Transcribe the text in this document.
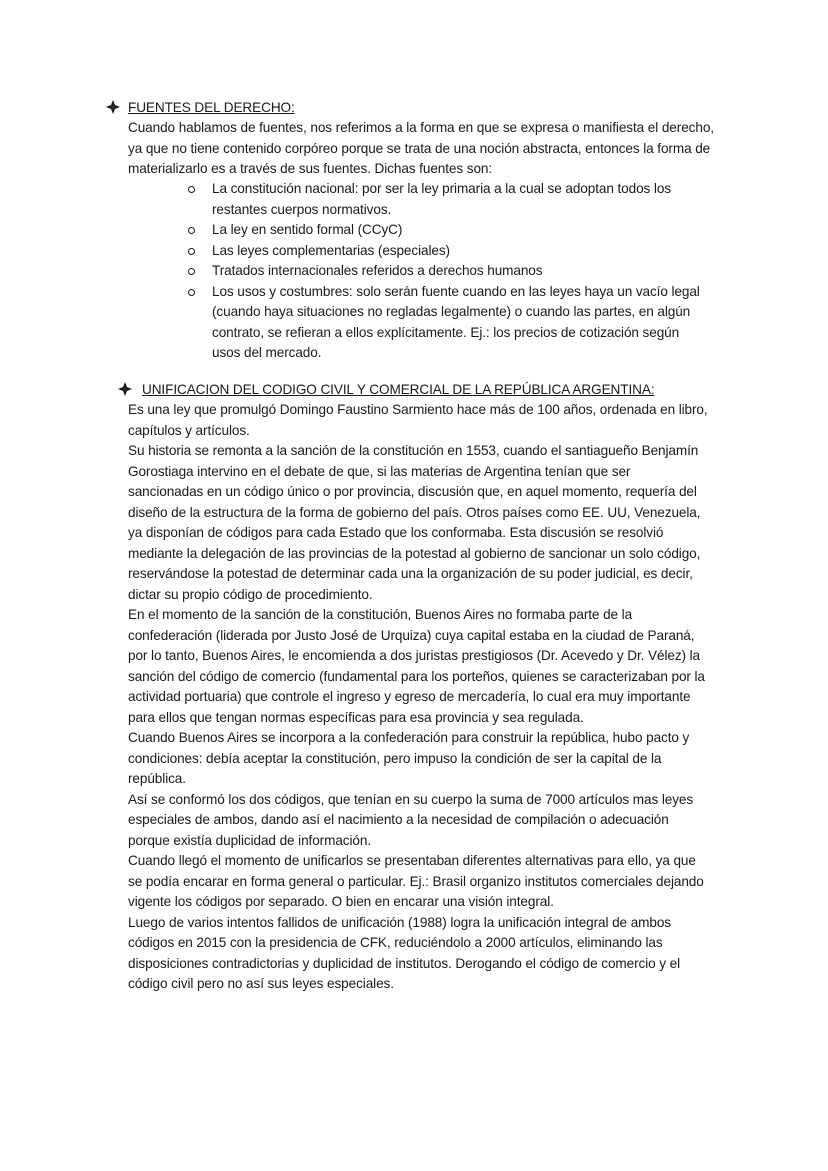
FUENTES DEL DERECHO:

Cuando hablamos de fuentes, nos referimos a la forma en que se expresa o manifiesta el derecho, ya que no tiene contenido corpóreo porque se trata de una noción abstracta, entonces la forma de materializarlo es a través de sus fuentes. Dichas fuentes son:

La constitución nacional: por ser la ley primaria a la cual se adoptan todos los restantes cuerpos normativos.
La ley en sentido formal (CCyC)
Las leyes complementarias (especiales)
Tratados internacionales referidos a derechos humanos
Los usos y costumbres: solo serán fuente cuando en las leyes haya un vacío legal (cuando haya situaciones no regladas legalmente) o cuando las partes, en algún contrato, se refieran a ellos explícitamente. Ej.: los precios de cotización según usos del mercado.
UNIFICACION DEL CODIGO CIVIL Y COMERCIAL DE LA REPÚBLICA ARGENTINA:

Es una ley que promulgó Domingo Faustino Sarmiento hace más de 100 años, ordenada en libro, capítulos y artículos.

Su historia se remonta a la sanción de la constitución en 1553, cuando el santiagueño Benjamín Gorostiaga intervino en el debate de que, si las materias de Argentina tenían que ser sancionadas en un código único o por provincia, discusión que, en aquel momento, requería del diseño de la estructura de la forma de gobierno del país. Otros países como EE. UU, Venezuela, ya disponían de códigos para cada Estado que los conformaba. Esta discusión se resolvió mediante la delegación de las provincias de la potestad al gobierno de sancionar un solo código, reservándose la potestad de determinar cada una la organización de su poder judicial, es decir, dictar su propio código de procedimiento.

En el momento de la sanción de la constitución, Buenos Aires no formaba parte de la confederación (liderada por Justo José de Urquiza) cuya capital estaba en la ciudad de Paraná, por lo tanto, Buenos Aires, le encomienda a dos juristas prestigiosos (Dr. Acevedo y Dr. Vélez) la sanción del código de comercio (fundamental para los porteños, quienes se caracterizaban por la actividad portuaria) que controle el ingreso y egreso de mercadería, lo cual era muy importante para ellos que tengan normas específicas para esa provincia y sea regulada.

Cuando Buenos Aires se incorpora a la confederación para construir la república, hubo pacto y condiciones: debía aceptar la constitución, pero impuso la condición de ser la capital de la república.

Así se conformó los dos códigos, que tenían en su cuerpo la suma de 7000 artículos mas leyes especiales de ambos, dando así el nacimiento a la necesidad de compilación o adecuación porque existía duplicidad de información.

Cuando llegó el momento de unificarlos se presentaban diferentes alternativas para ello, ya que se podía encarar en forma general o particular. Ej.: Brasil organizo institutos comerciales dejando vigente los códigos por separado. O bien en encarar una visión integral.

Luego de varios intentos fallidos de unificación (1988) logra la unificación integral de ambos códigos en 2015 con la presidencia de CFK, reduciéndolo a 2000 artículos, eliminando las disposiciones contradictorias y duplicidad de institutos. Derogando el código de comercio y el código civil pero no así sus leyes especiales.
